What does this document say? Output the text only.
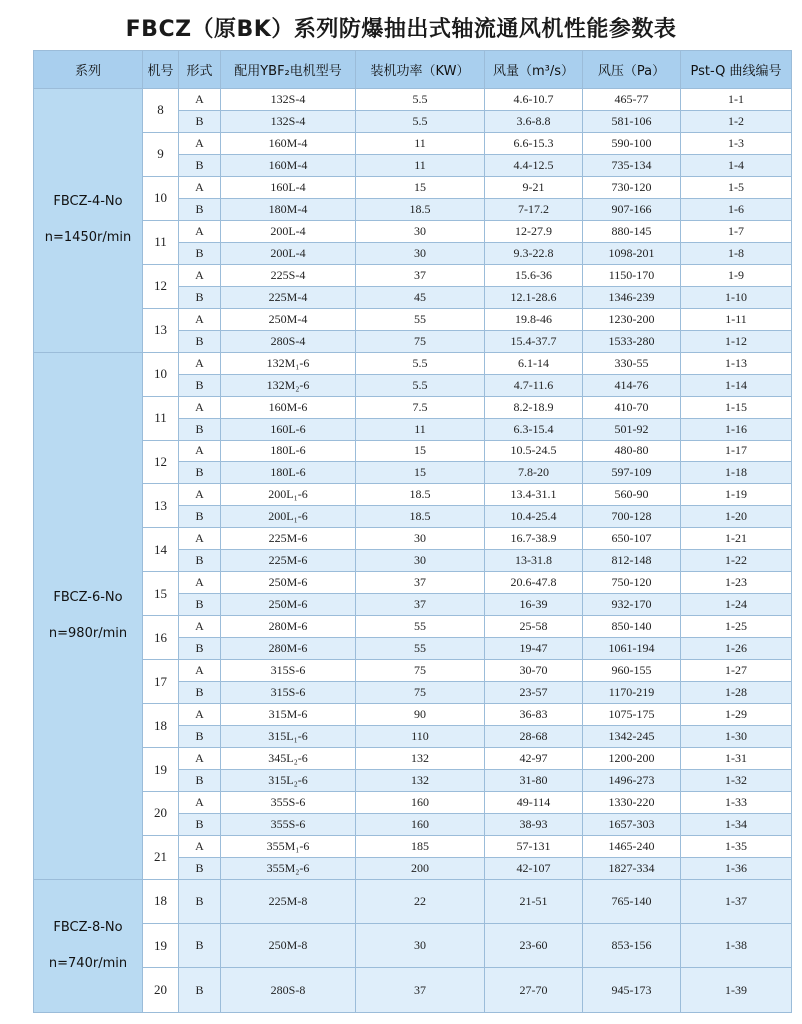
FBCZ（原BK）系列防爆抽出式轴流通风机性能参数表
系列	机号	形式	配用YBF₂电机型号	装机功率（KW）	风量（m³/s）	风压（Pa）	Pst-Q 曲线编号

FBCZ-4-No
n=1450r/min	8	A	132S-4	5.5	4.6-10.7	465-77	1-1
		B	132S-4	5.5	3.6-8.8	581-106	1-2
	9	A	160M-4	11	6.6-15.3	590-100	1-3
		B	160M-4	11	4.4-12.5	735-134	1-4
	10	A	160L-4	15	9-21	730-120	1-5
		B	180M-4	18.5	7-17.2	907-166	1-6
	11	A	200L-4	30	12-27.9	880-145	1-7
		B	200L-4	30	9.3-22.8	1098-201	1-8
	12	A	225S-4	37	15.6-36	1150-170	1-9
		B	225M-4	45	12.1-28.6	1346-239	1-10
	13	A	250M-4	55	19.8-46	1230-200	1-11
		B	280S-4	75	15.4-37.7	1533-280	1-12

FBCZ-6-No
n=980r/min	10	A	132M₁-6	5.5	6.1-14	330-55	1-13
		B	132M₂-6	5.5	4.7-11.6	414-76	1-14
	11	A	160M-6	7.5	8.2-18.9	410-70	1-15
		B	160L-6	11	6.3-15.4	501-92	1-16
	12	A	180L-6	15	10.5-24.5	480-80	1-17
		B	180L-6	15	7.8-20	597-109	1-18
	13	A	200L₁-6	18.5	13.4-31.1	560-90	1-19
		B	200L₁-6	18.5	10.4-25.4	700-128	1-20
	14	A	225M-6	30	16.7-38.9	650-107	1-21
		B	225M-6	30	13-31.8	812-148	1-22
	15	A	250M-6	37	20.6-47.8	750-120	1-23
		B	250M-6	37	16-39	932-170	1-24
	16	A	280M-6	55	25-58	850-140	1-25
		B	280M-6	55	19-47	1061-194	1-26
	17	A	315S-6	75	30-70	960-155	1-27
		B	315S-6	75	23-57	1170-219	1-28
	18	A	315M-6	90	36-83	1075-175	1-29
		B	315L₁-6	110	28-68	1342-245	1-30
	19	A	345L₂-6	132	42-97	1200-200	1-31
		B	315L₂-6	132	31-80	1496-273	1-32
	20	A	355S-6	160	49-114	1330-220	1-33
		B	355S-6	160	38-93	1657-303	1-34
	21	A	355M₁-6	185	57-131	1465-240	1-35
		B	355M₂-6	200	42-107	1827-334	1-36

FBCZ-8-No
n=740r/min	18	B	225M-8	22	21-51	765-140	1-37
	19	B	250M-8	30	23-60	853-156	1-38
	20	B	280S-8	37	27-70	945-173	1-39
